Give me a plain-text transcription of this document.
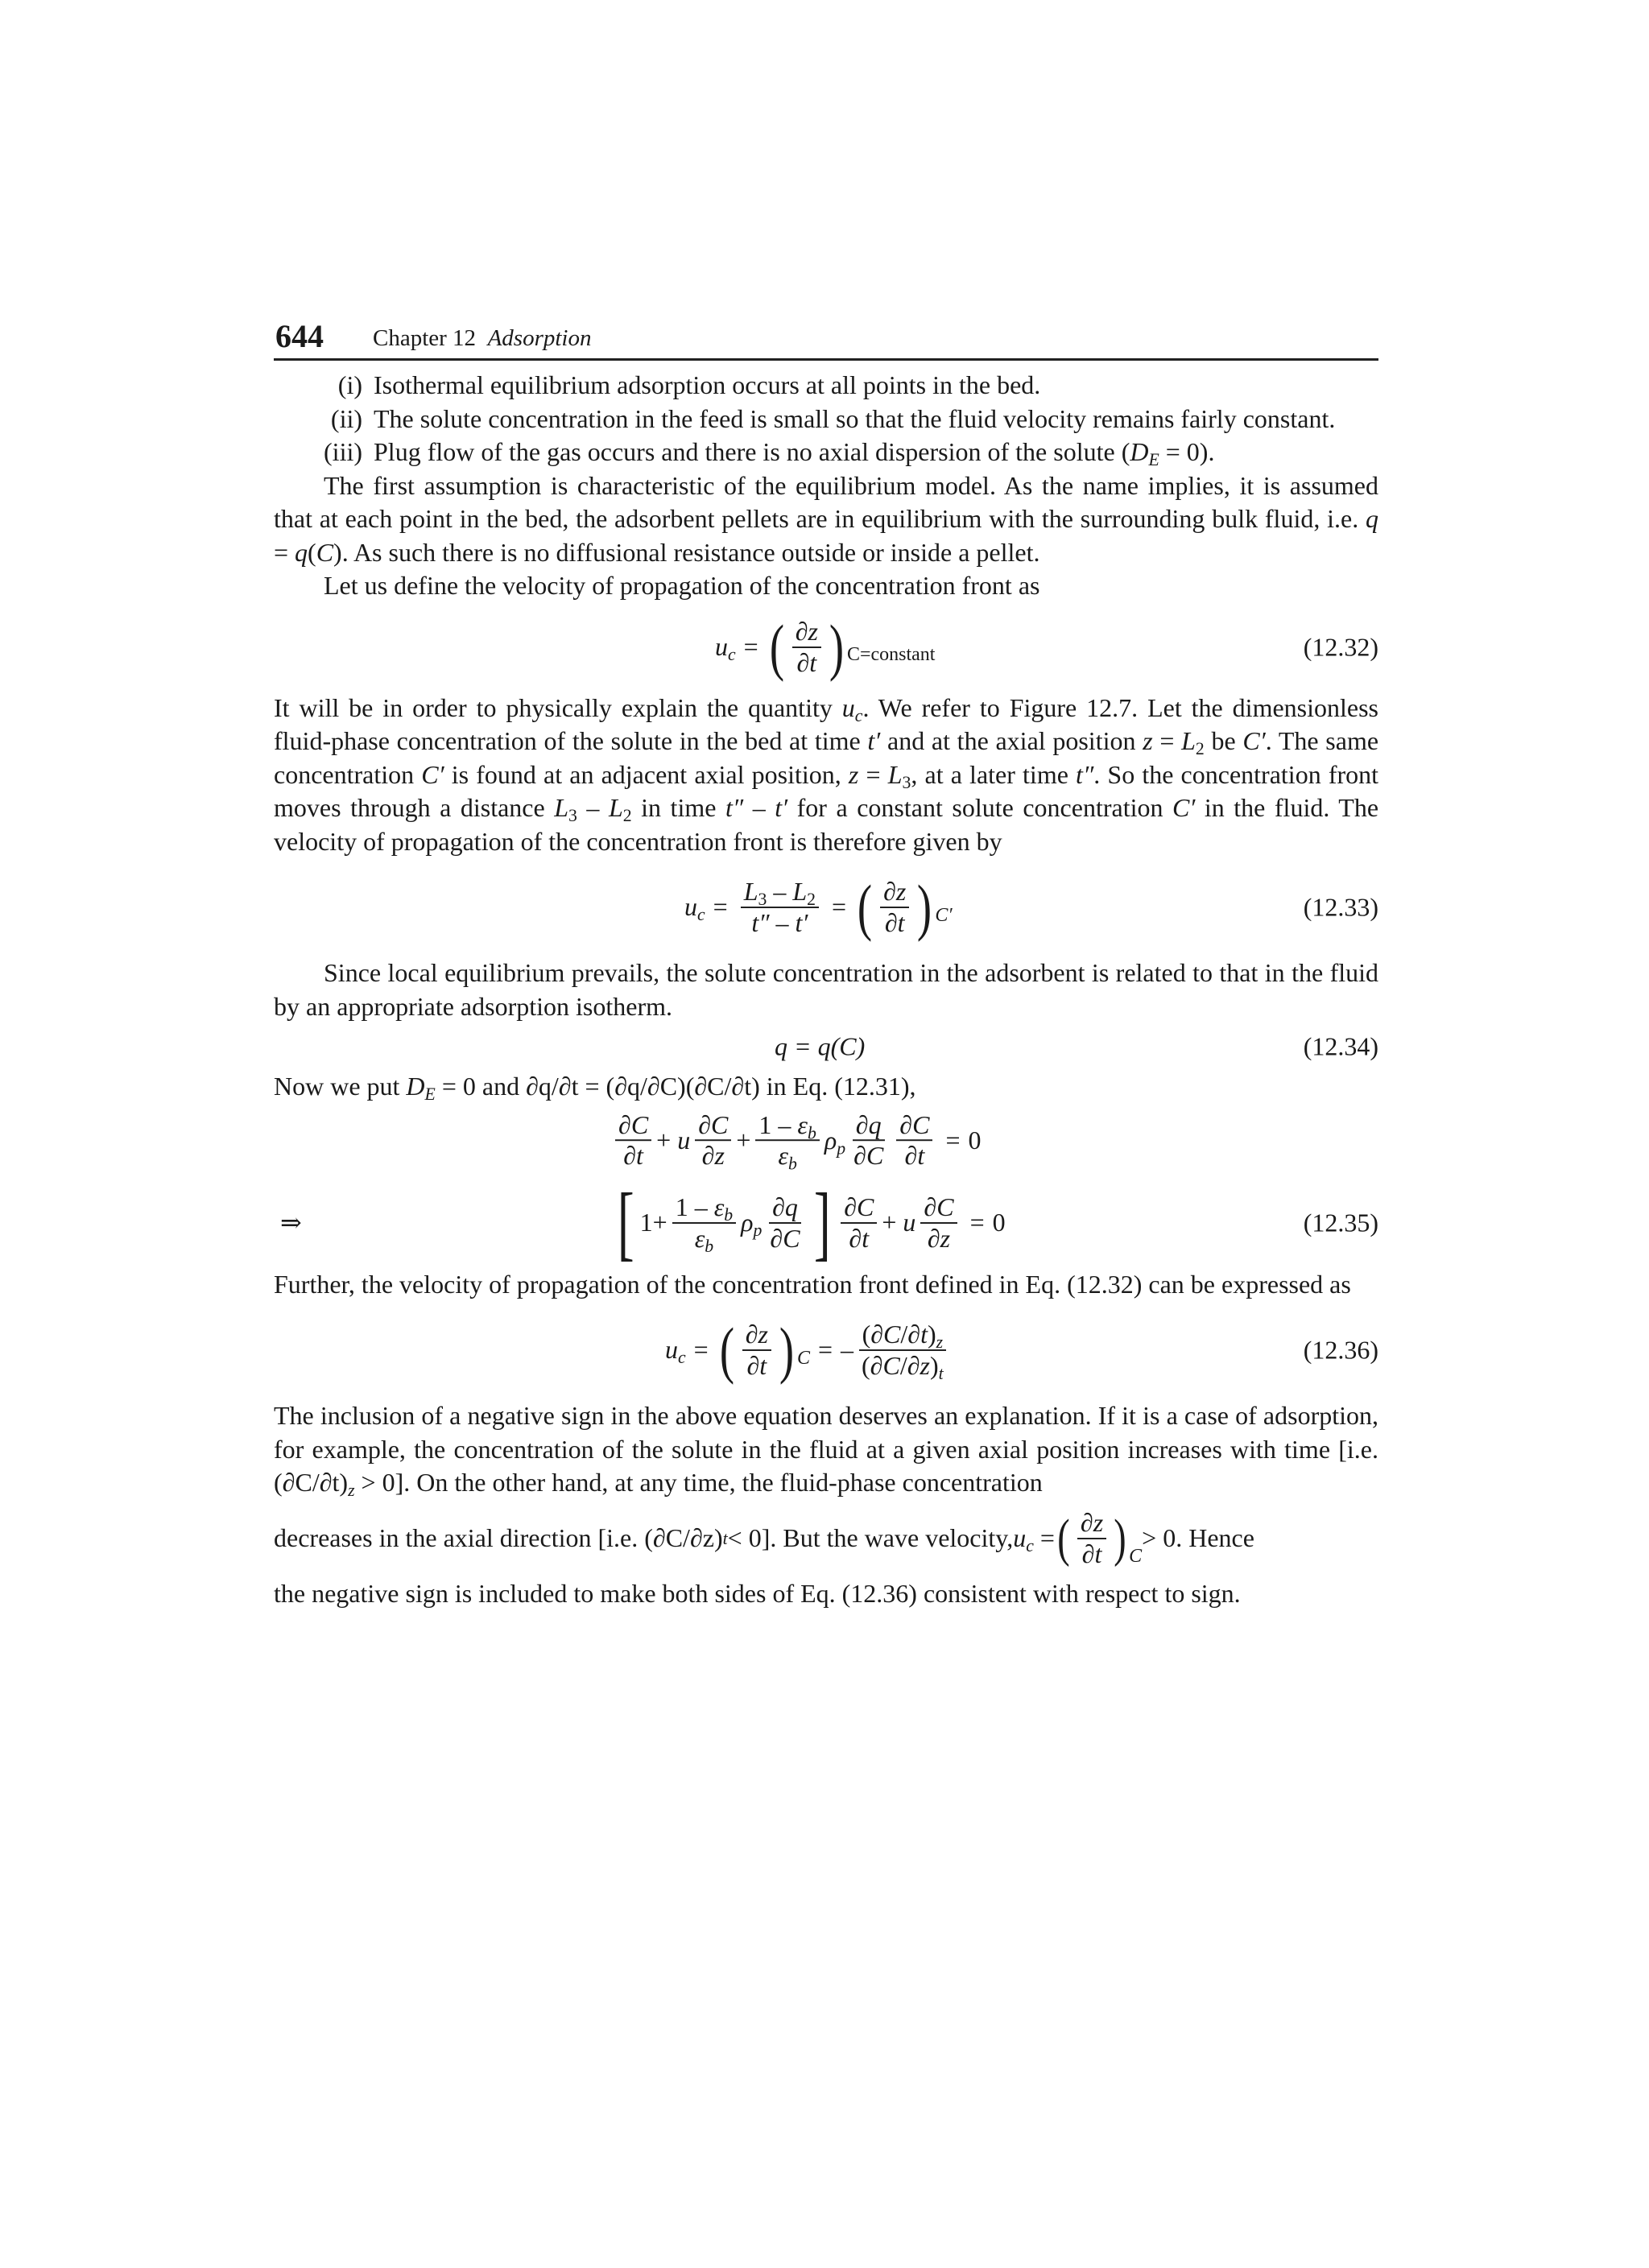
644 Chapter 12 Adsorption
(i) Isothermal equilibrium adsorption occurs at all points in the bed.
(ii) The solute concentration in the feed is small so that the fluid velocity remains fairly constant.
(iii) Plug flow of the gas occurs and there is no axial dispersion of the solute $(D_E = 0)$.

The first assumption is characteristic of the equilibrium model. As the name implies, it is assumed that at each point in the bed, the adsorbent pellets are in equilibrium with the surrounding bulk fluid, i.e. q = q(C). As such there is no diffusional resistance outside or inside a pellet.

Let us define the velocity of propagation of the concentration front as

$u_c$ = ( $\frac{\partial z}{\partial t}$ ) C=constant	(12.32)

It will be in order to physically explain the quantity $u_c$. We refer to Figure 12.7. Let the dimensionless fluid-phase concentration of the solute in the bed at time t′ and at the axial position $z = L_2$ be C′. The same concentration C′ is found at an adjacent axial position, $z = L_3$, at a later time t″. So the concentration front moves through a distance $L_3 - L_2$ in time t″ – t′ for a constant solute concentration C′ in the fluid. The velocity of propagation of the concentration front is therefore given by

$u_c = \frac{L_3 - L_2}{t'' - t'}$ = ( $\frac{\partial z}{\partial t}$ ) C′	(12.33)

Since local equilibrium prevails, the solute concentration in the adsorbent is related to that in the fluid by an appropriate adsorption isotherm.

q = q(C)	(12.34)

Now we put $D_E = 0$ and ∂q/∂t = (∂q/∂C)(∂C/∂t) in Eq. (12.31),

$\frac{\partial C}{\partial t} + u \frac{\partial C}{\partial z} + \frac{1 - \varepsilon_b}{\varepsilon_b} \rho_p \frac{\partial q}{\partial C} \frac{\partial C}{\partial t} = 0$
⇒	[ $1+ \frac{1 - \varepsilon_b}{\varepsilon_b} \rho_p \frac{\partial q}{\partial C}$ ] $\frac{\partial C}{\partial t} + u \frac{\partial C}{\partial z} = 0$	(12.35)

Further, the velocity of propagation of the concentration front defined in Eq. (12.32) can be expressed as

$u_c$ = ( $\frac{\partial z}{\partial t}$ ) C = – $\frac{(\partial C/\partial t)_z}{(\partial C/\partial z)_t}$	(12.36)

The inclusion of a negative sign in the above equation deserves an explanation. If it is a case of adsorption, for example, the concentration of the solute in the fluid at a given axial position increases with time [i.e. $(\partial C/\partial t)_z > 0$]. On the other hand, at any time, the fluid-phase concentration

decreases in the axial direction [i.e. (∂C/∂z) t < 0]. But the wave velocity, $u_c$ = ( $\frac{\partial z}{\partial t}$ ) C
> 0. Hence

the negative sign is included to make both sides of Eq. (12.36) consistent with respect to sign.
